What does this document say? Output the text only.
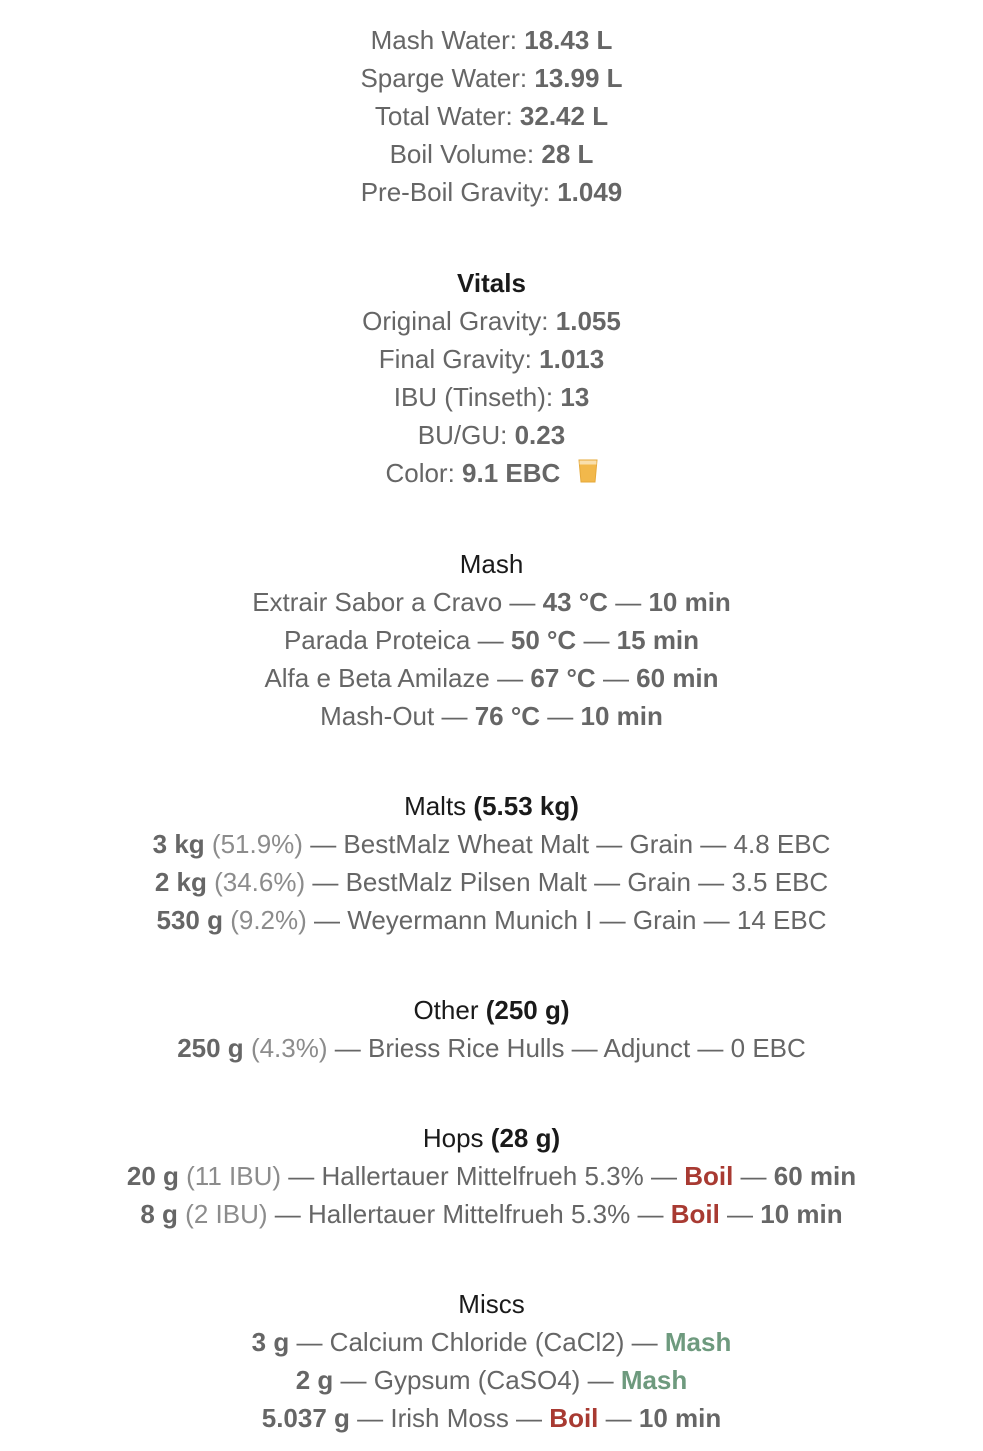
Mash Water: 18.43 L
Sparge Water: 13.99 L
Total Water: 32.42 L
Boil Volume: 28 L
Pre-Boil Gravity: 1.049
Vitals
Original Gravity: 1.055
Final Gravity: 1.013
IBU (Tinseth): 13
BU/GU: 0.23
Color: 9.1 EBC
Mash
Extrair Sabor a Cravo — 43 °C — 10 min
Parada Proteica — 50 °C — 15 min
Alfa e Beta Amilaze — 67 °C — 60 min
Mash-Out — 76 °C — 10 min
Malts (5.53 kg)
3 kg (51.9%) — BestMalz Wheat Malt — Grain — 4.8 EBC
2 kg (34.6%) — BestMalz Pilsen Malt — Grain — 3.5 EBC
530 g (9.2%) — Weyermann Munich I — Grain — 14 EBC
Other (250 g)
250 g (4.3%) — Briess Rice Hulls — Adjunct — 0 EBC
Hops (28 g)
20 g (11 IBU) — Hallertauer Mittelfrueh 5.3% — Boil — 60 min
8 g (2 IBU) — Hallertauer Mittelfrueh 5.3% — Boil — 10 min
Miscs
3 g — Calcium Chloride (CaCl2) — Mash
2 g — Gypsum (CaSO4) — Mash
5.037 g — Irish Moss — Boil — 10 min
